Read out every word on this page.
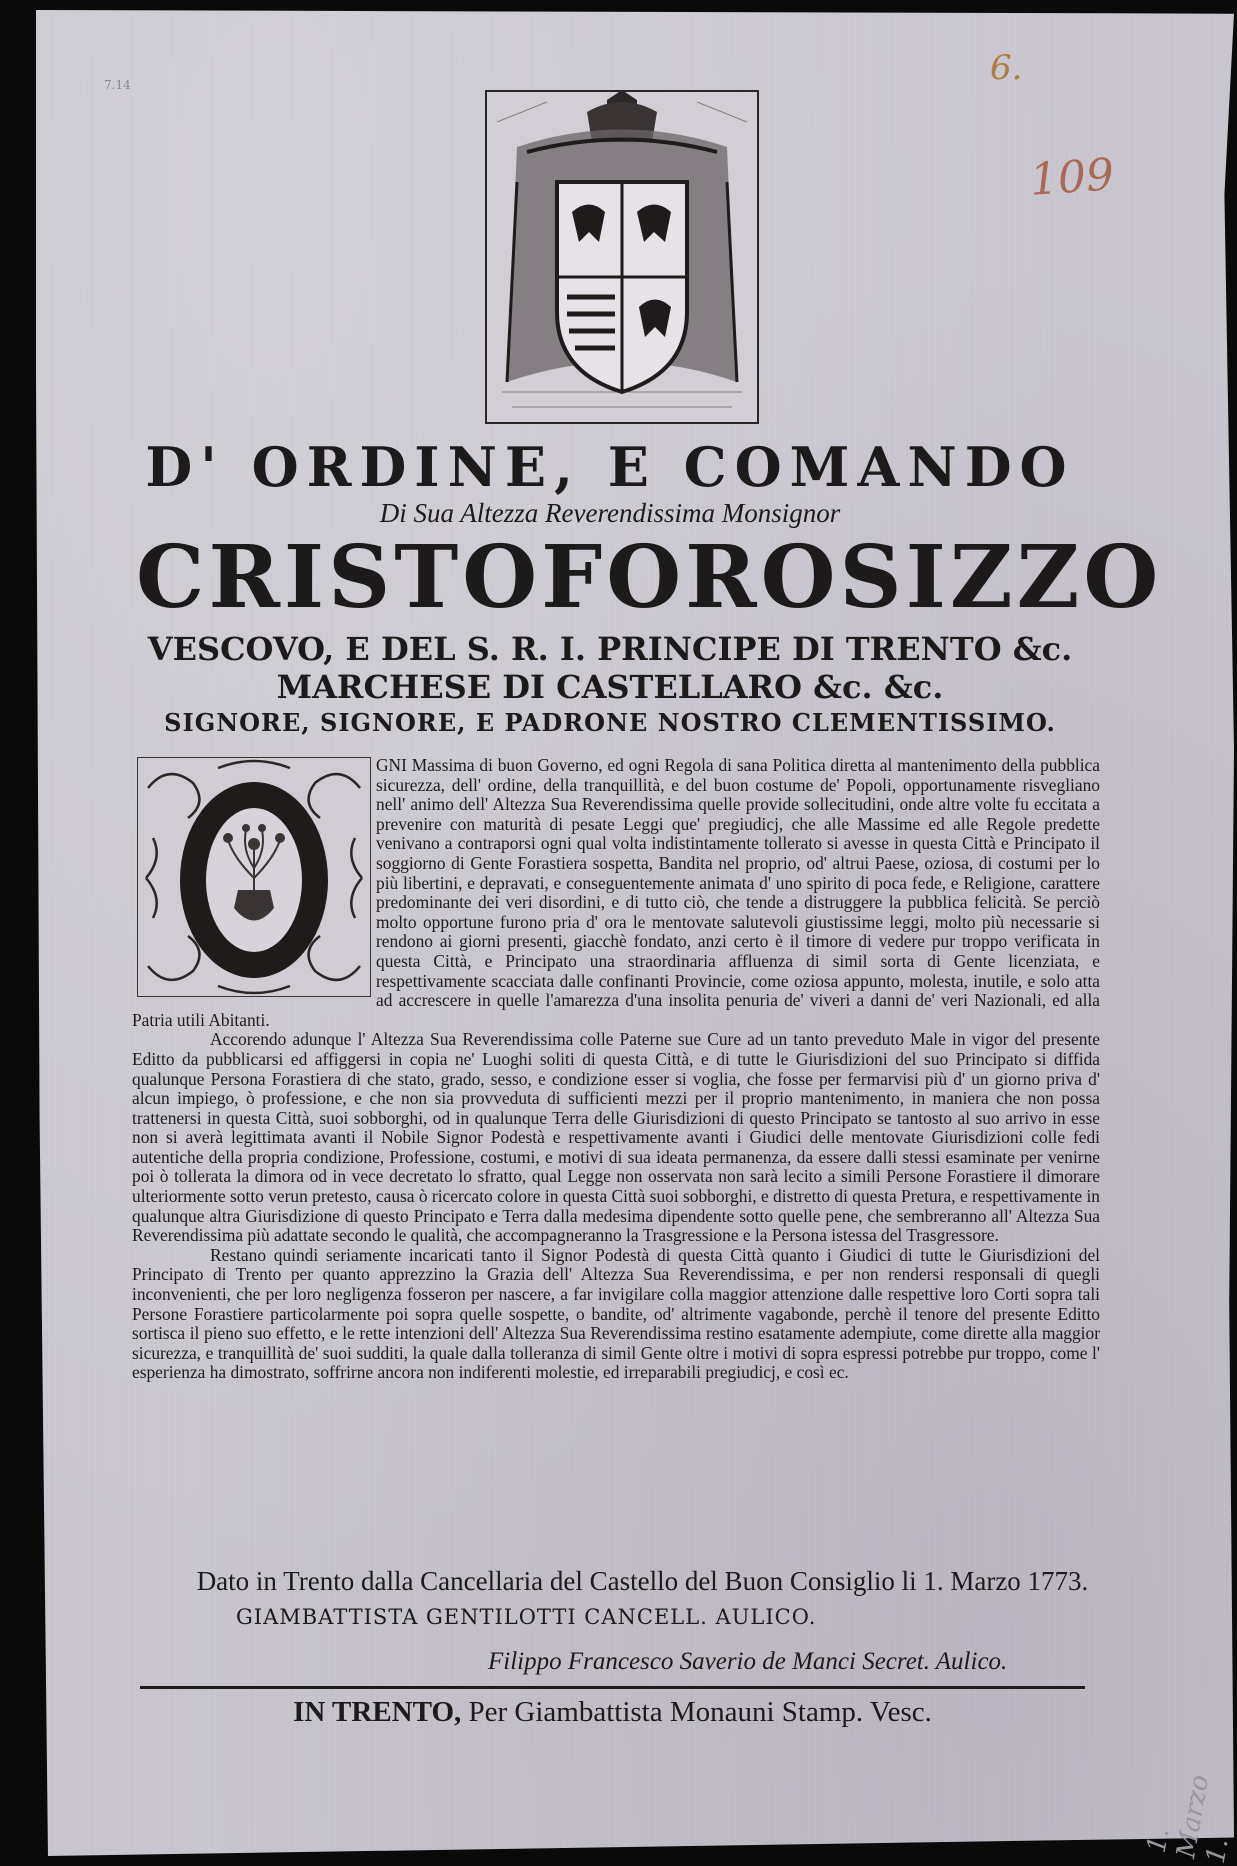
7.14	6.
109
1. Marzo 1.
D' ORDINE, E COMANDO
Di Sua Altezza Reverendissima Monsignor
CRISTOFORO SIZZO
VESCOVO, E DEL S. R. I. PRINCIPE DI TRENTO &c.
MARCHESE DI CASTELLARO &c. &c.
SIGNORE, SIGNORE, E PADRONE NOSTRO CLEMENTISSIMO.

GNI Massima di buon Governo, ed ogni Regola di sana Politica diretta al mantenimento della pubblica sicurezza, dell' ordine, della tranquillità, e del buon costume de' Popoli, opportunamente risvegliano nell' animo dell' Altezza Sua Reverendissima quelle provide sollecitudini, onde altre volte fu eccitata a prevenire con maturità di pesate Leggi que' pregiudicj, che alle Massime ed alle Regole predette venivano a contraporsi ogni qual volta indistintamente tollerato si avesse in questa Città e Principato il soggiorno di Gente Forastiera sospetta, Bandita nel proprio, od' altrui Paese, oziosa, di costumi per lo più libertini, e depravati, e conseguentemente animata d' uno spirito di poca fede, e Religione, carattere predominante dei veri disordini, e di tutto ciò, che tende a distruggere la pubblica felicità. Se perciò molto opportune furono pria d' ora le mentovate salutevoli giustissime leggi, molto più necessarie si rendono ai giorni presenti, giacchè fondato, anzi certo è il timore di vedere pur troppo verificata in questa Città, e Principato una straordinaria affluenza di simil sorta di Gente licenziata, e respettivamente scacciata dalle confinanti Provincie, come oziosa appunto, molesta, inutile, e solo atta ad accrescere in quelle l'amarezza d'una insolita penuria de' viveri a danni de' veri Nazionali, ed alla Patria utili Abitanti.

Accorendo adunque l' Altezza Sua Reverendissima colle Paterne sue Cure ad un tanto preveduto Male in vigor del presente Editto da pubblicarsi ed affiggersi in copia ne' Luoghi soliti di questa Città, e di tutte le Giurisdizioni del suo Principato si diffida qualunque Persona Forastiera di che stato, grado, sesso, e condizione esser si voglia, che fosse per fermarvisi più d' un giorno priva d' alcun impiego, ò professione, e che non sia provveduta di sufficienti mezzi per il proprio mantenimento, in maniera che non possa trattenersi in questa Città, suoi sobborghi, od in qualunque Terra delle Giurisdizioni di questo Principato se tantosto al suo arrivo in esse non si averà legittimata avanti il Nobile Signor Podestà e respettivamente avanti i Giudici delle mentovate Giurisdizioni colle fedi autentiche della propria condizione, Professione, costumi, e motivi di sua ideata permanenza, da essere dalli stessi esaminate per venirne poi ò tollerata la dimora od in vece decretato lo sfratto, qual Legge non osservata non sarà lecito a simili Persone Forastiere il dimorare ulteriormente sotto verun pretesto, causa ò ricercato colore in questa Città suoi sobborghi, e distretto di questa Pretura, e respettivamente in qualunque altra Giurisdizione di questo Principato e Terra dalla medesima dipendente sotto quelle pene, che sembreranno all' Altezza Sua Reverendissima più adattate secondo le qualità, che accompagneranno la Trasgressione e la Persona istessa del Trasgressore.

Restano quindi seriamente incaricati tanto il Signor Podestà di questa Città quanto i Giudici di tutte le Giurisdizioni del Principato di Trento per quanto apprezzino la Grazia dell' Altezza Sua Reverendissima, e per non rendersi responsali di quegli inconvenienti, che per loro negligenza fosseron per nascere, a far invigilare colla maggior attenzione dalle respettive loro Corti sopra tali Persone Forastiere particolarmente poi sopra quelle sospette, o bandite, od' altrimente vagabonde, perchè il tenore del presente Editto sortisca il pieno suo effetto, e le rette intenzioni dell' Altezza Sua Reverendissima restino esatamente adempiute, come dirette alla maggior sicurezza, e tranquillità de' suoi sudditi, la quale dalla tolleranza di simil Gente oltre i motivi di sopra espressi potrebbe pur troppo, come l' esperienza ha dimostrato, soffrirne ancora non indiferenti molestie, ed irreparabili pregiudicj, e così ec.

Dato in Trento dalla Cancellaria del Castello del Buon Consiglio li 1. Marzo 1773.
GIAMBATTISTA GENTILOTTI CANCELL. AULICO.
Filippo Francesco Saverio de Manci Secret. Aulico.
IN TRENTO, Per Giambattista Monauni Stamp. Vesc.
